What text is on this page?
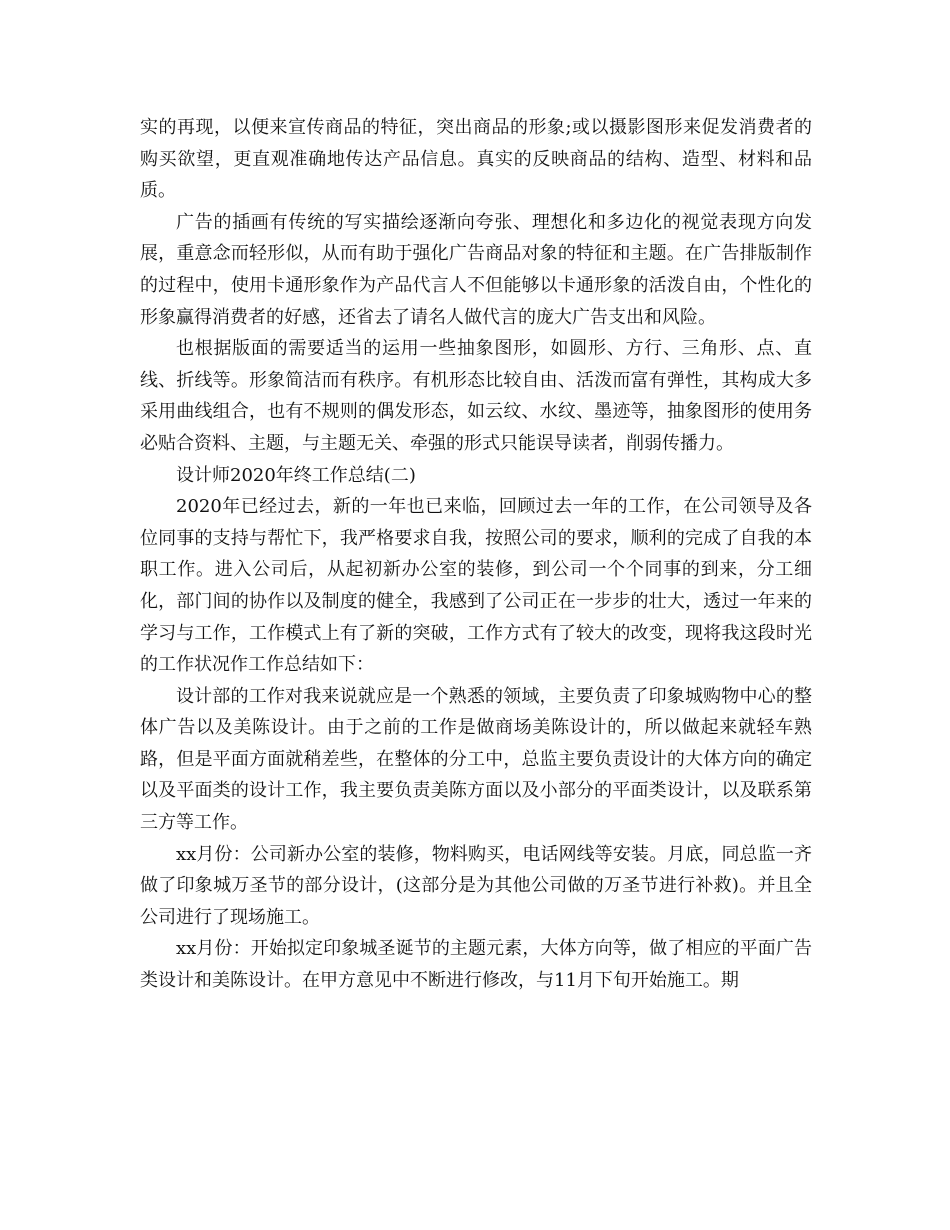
实的再现，以便来宣传商品的特征，突出商品的形象;或以摄影图形来促发消费者的购买欲望，更直观准确地传达产品信息。真实的反映商品的结构、造型、材料和品质。

广告的插画有传统的写实描绘逐渐向夸张、理想化和多边化的视觉表现方向发展，重意念而轻形似，从而有助于强化广告商品对象的特征和主题。在广告排版制作的过程中，使用卡通形象作为产品代言人不但能够以卡通形象的活泼自由，个性化的形象赢得消费者的好感，还省去了请名人做代言的庞大广告支出和风险。

也根据版面的需要适当的运用一些抽象图形，如圆形、方行、三角形、点、直线、折线等。形象简洁而有秩序。有机形态比较自由、活泼而富有弹性，其构成大多采用曲线组合，也有不规则的偶发形态，如云纹、水纹、墨迹等，抽象图形的使用务必贴合资料、主题，与主题无关、牵强的形式只能误导读者，削弱传播力。

设计师2020年终工作总结(二)

2020年已经过去，新的一年也已来临，回顾过去一年的工作，在公司领导及各位同事的支持与帮忙下，我严格要求自我，按照公司的要求，顺利的完成了自我的本职工作。进入公司后，从起初新办公室的装修，到公司一个个同事的到来，分工细化，部门间的协作以及制度的健全，我感到了公司正在一步步的壮大，透过一年来的学习与工作，工作模式上有了新的突破，工作方式有了较大的改变，现将我这段时光的工作状况作工作总结如下：

设计部的工作对我来说就应是一个熟悉的领域，主要负责了印象城购物中心的整体广告以及美陈设计。由于之前的工作是做商场美陈设计的，所以做起来就轻车熟路，但是平面方面就稍差些，在整体的分工中，总监主要负责设计的大体方向的确定以及平面类的设计工作，我主要负责美陈方面以及小部分的平面类设计，以及联系第三方等工作。

xx月份：公司新办公室的装修，物料购买，电话网线等安装。月底，同总监一齐做了印象城万圣节的部分设计，(这部分是为其他公司做的万圣节进行补救)。并且全公司进行了现场施工。

xx月份：开始拟定印象城圣诞节的主题元素，大体方向等，做了相应的平面广告类设计和美陈设计。在甲方意见中不断进行修改，与11月下旬开始施工。期
